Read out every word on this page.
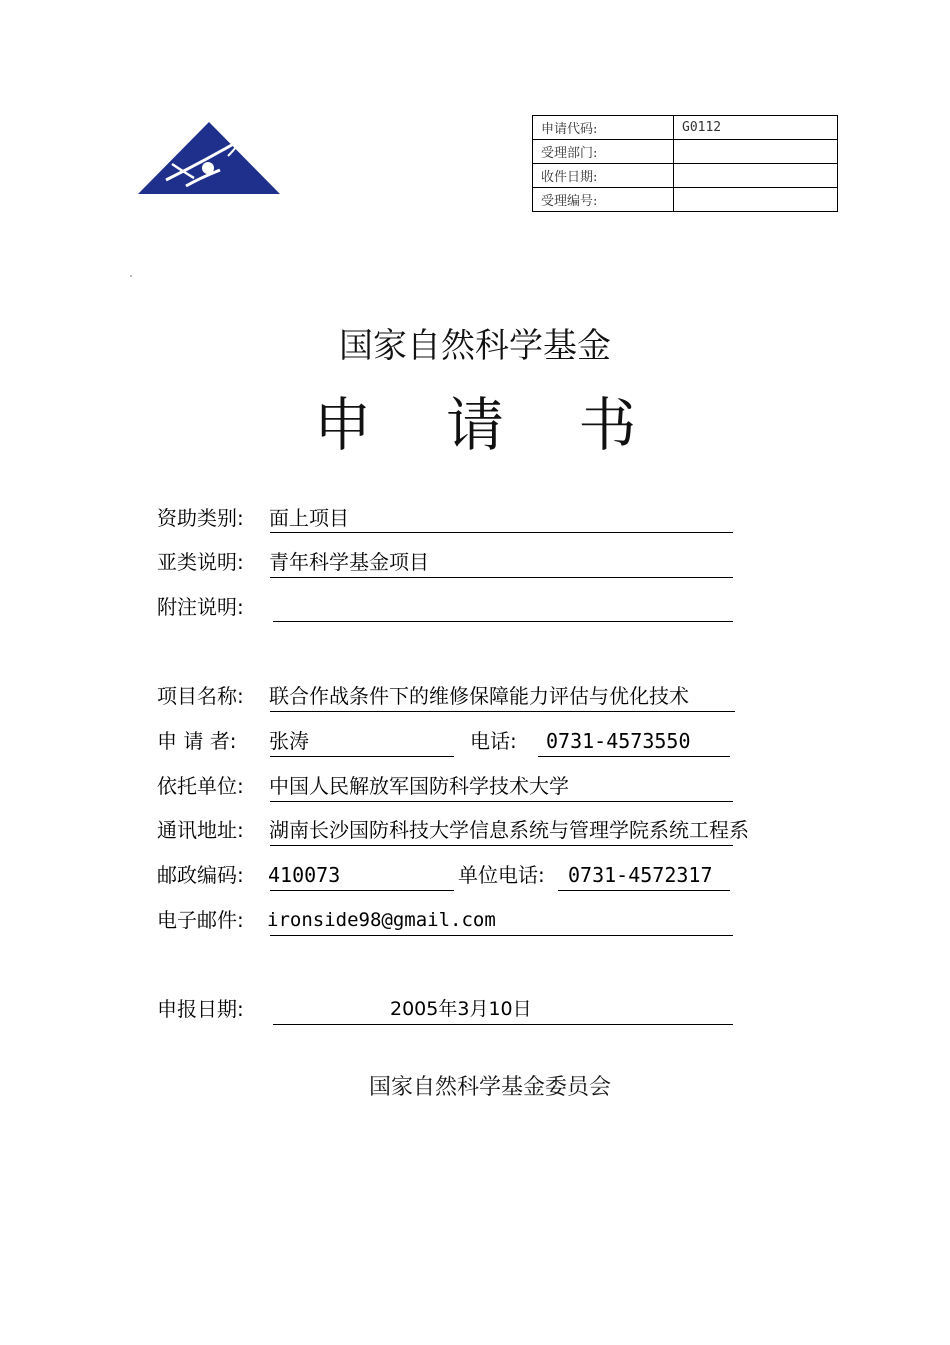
申请代码:	G0112
受理部门:	
收件日期:	
受理编号:	
国家自然科学基金
申 请 书
资助类别: 面上项目
亚类说明: 青年科学基金项目
附注说明:
项目名称: 联合作战条件下的维修保障能力评估与优化技术
申 请 者: 张涛	电话: 0731-4573550
依托单位: 中国人民解放军国防科学技术大学
通讯地址: 湖南长沙国防科技大学信息系统与管理学院系统工程系
邮政编码: 410073	单位电话: 0731-4572317
电子邮件: ironside98@gmail.com
申报日期:	2005年3月10日
国家自然科学基金委员会
